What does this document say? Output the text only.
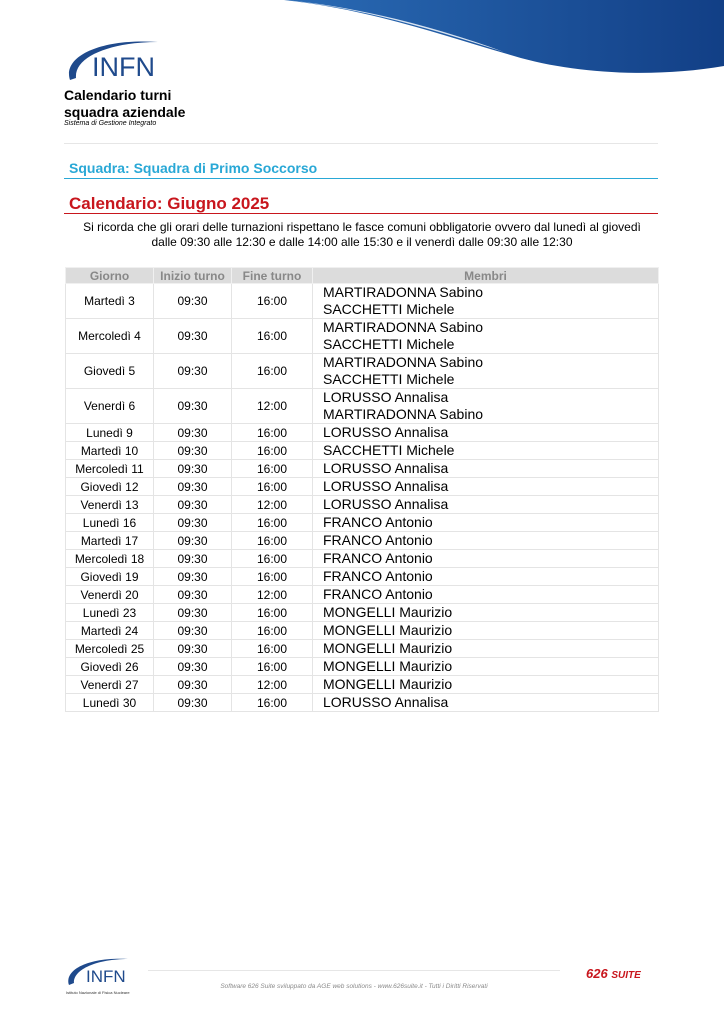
INFN
Calendario turni
squadra aziendale
Sistema di Gestione Integrato
Squadra: Squadra di Primo Soccorso
Calendario: Giugno 2025
Si ricorda che gli orari delle turnazioni rispettano le fasce comuni obbligatorie ovvero dal lunedì al giovedì
dalle 09:30 alle 12:30 e dalle 14:00 alle 15:30 e il venerdì dalle 09:30 alle 12:30
Giorno	Inizio turno	Fine turno	Membri
Martedì 3	09:30	16:00	MARTIRADONNA Sabino
SACCHETTI Michele

Mercoledì 4	09:30	16:00	MARTIRADONNA Sabino
SACCHETTI Michele

Giovedì 5	09:30	16:00	MARTIRADONNA Sabino
SACCHETTI Michele

Venerdì 6	09:30	12:00	LORUSSO Annalisa
MARTIRADONNA Sabino

Lunedì 9	09:30	16:00	LORUSSO Annalisa

Martedì 10	09:30	16:00	SACCHETTI Michele

Mercoledì 11	09:30	16:00	LORUSSO Annalisa

Giovedì 12	09:30	16:00	LORUSSO Annalisa

Venerdì 13	09:30	12:00	LORUSSO Annalisa

Lunedì 16	09:30	16:00	FRANCO Antonio

Martedì 17	09:30	16:00	FRANCO Antonio

Mercoledì 18	09:30	16:00	FRANCO Antonio

Giovedì 19	09:30	16:00	FRANCO Antonio

Venerdì 20	09:30	12:00	FRANCO Antonio

Lunedì 23	09:30	16:00	MONGELLI Maurizio

Martedì 24	09:30	16:00	MONGELLI Maurizio

Mercoledì 25	09:30	16:00	MONGELLI Maurizio

Giovedì 26	09:30	16:00	MONGELLI Maurizio

Venerdì 27	09:30	12:00	MONGELLI Maurizio

Lunedì 30	09:30	16:00	LORUSSO Annalisa
INFN
Istituto Nazionale di Fisica Nucleare
Software 626 Suite sviluppato da AGE web solutions - www.626suite.it - Tutti i Diritti Riservati
626 SUITE
